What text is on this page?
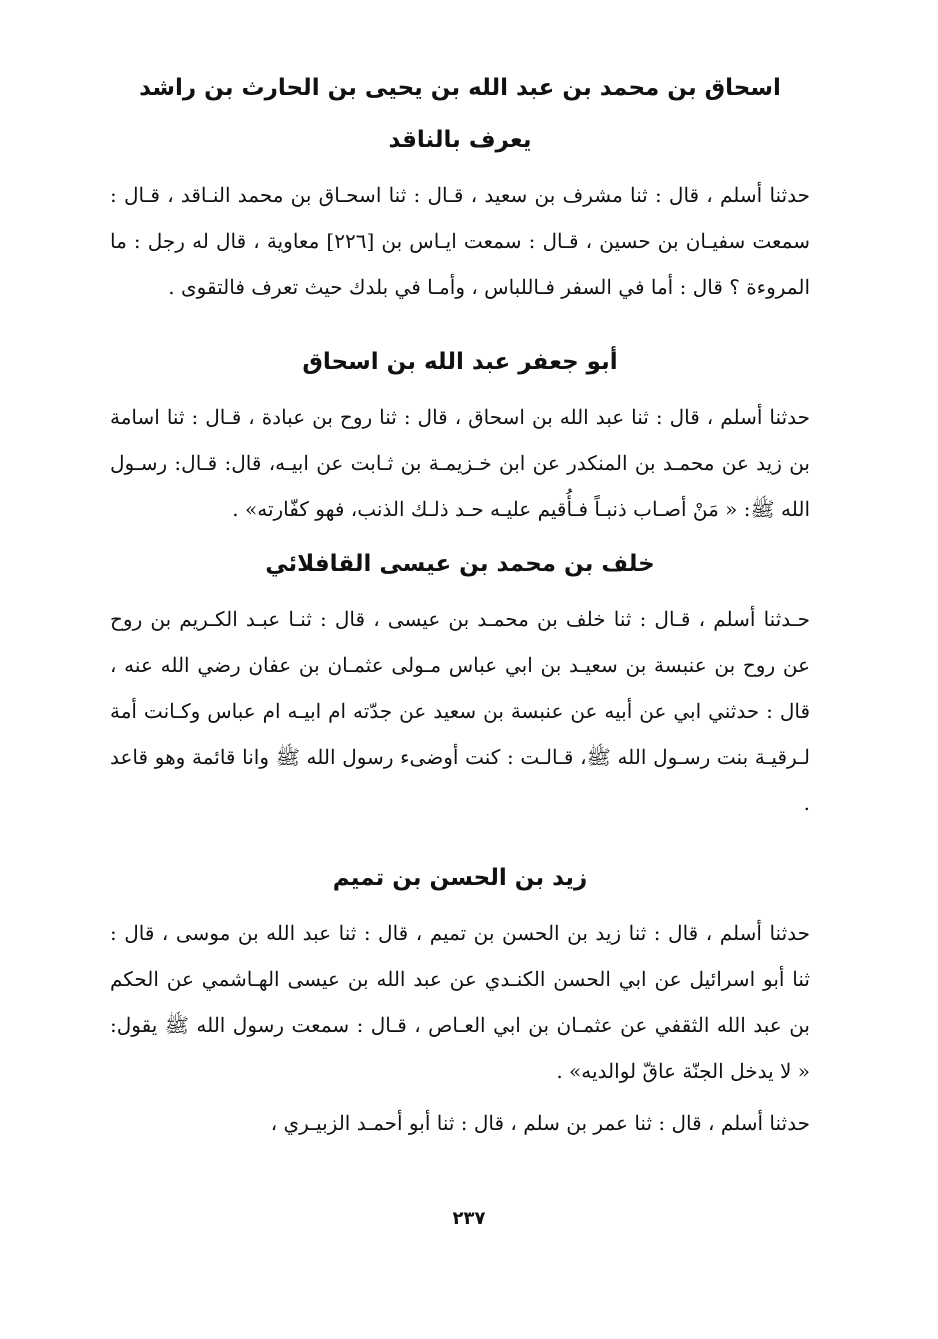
اسحاق بن محمد بن عبد الله بن يحيى بن الحارث بن راشد يعرف بالناقد

حدثنا أسلم ، قال : ثنا مشرف بن سعيد ، قـال : ثنا اسحـاق بن محمد النـاقد ، قـال : سمعت سفيـان بن حسين ، قـال : سمعت ايـاس بن [٢٢٦] معاوية ، قال له رجل : ما المروءة ؟ قال : أما في السفر فـاللباس ، وأمـا في بلدك حيث تعرف فالتقوى .

أبو جعفر عبد الله بن اسحاق

حدثنا أسلم ، قال : ثنا عبد الله بن اسحاق ، قال : ثنا روح بن عبادة ، قـال : ثنا اسامة بن زيد عن محمـد بن المنكدر عن ابن خـزيمـة بن ثـابت عن ابيـه، قال: قـال: رسـول الله ﷺ: « مَنْ أصـاب ذنبـاً فـأُقيم عليـه حـد ذلـك الذنب، فهو كفّارته» .

خلف بن محمد بن عيسى القافلائي

حـدثنا أسلم ، قـال : ثنا خلف بن محمـد بن عيسى ، قال : ثنـا عبـد الكـريم بن روح عن روح بن عنبسة بن سعيـد بن ابي عباس مـولى عثمـان بن عفان رضي الله عنه ، قال : حدثني ابي عن أبيه عن عنبسة بن سعيد عن جدّته ام ابيـه ام عباس وكـانت أمة لـرقيـة بنت رسـول الله ﷺ، قـالـت : كنت أوضىء رسول الله ﷺ وانا قائمة وهو قاعد .

زيد بن الحسن بن تميم

حدثنا أسلم ، قال : ثنا زيد بن الحسن بن تميم ، قال : ثنا عبد الله بن موسى ، قال : ثنا أبو اسرائيل عن ابي الحسن الكنـدي عن عبد الله بن عيسى الهـاشمي عن الحكم بن عبد الله الثقفي عن عثمـان بن ابي العـاص ، قـال : سمعت رسول الله ﷺ يقول: « لا يدخل الجنّة عاقّ لوالديه» .

حدثنا أسلم ، قال : ثنا عمر بن سلم ، قال : ثنا أبو أحمـد الزبيـري ،

٢٣٧
